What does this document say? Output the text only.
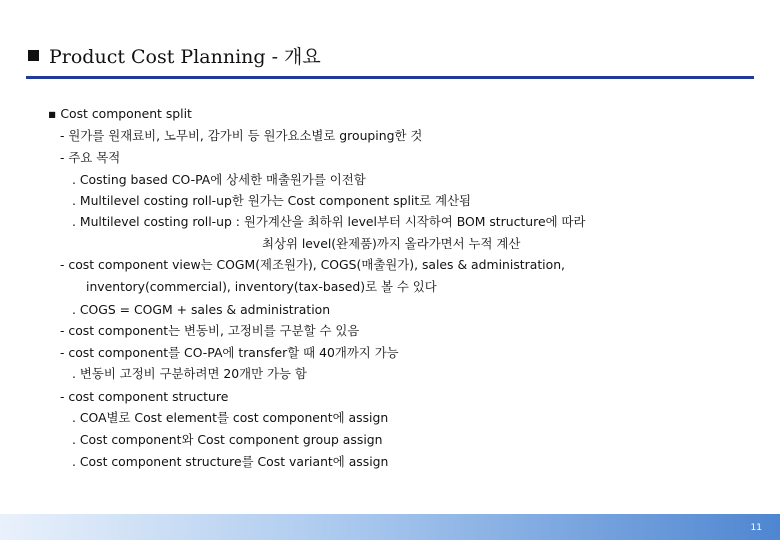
Product Cost Planning - 개요
▪ Cost component split
- 원가를 원재료비, 노무비, 감가비 등 원가요소별로 grouping한 것
- 주요 목적
. Costing based CO-PA에 상세한 매출원가를 이전함
. Multilevel costing roll-up한 원가는 Cost component split로 계산됨
. Multilevel costing roll-up : 원가계산을 최하위 level부터 시작하여 BOM structure에 따라
최상위 level(완제품)까지 올라가면서 누적 계산
- cost component view는 COGM(제조원가), COGS(매출원가), sales & administration,
inventory(commercial), inventory(tax-based)로 볼 수 있다
. COGS = COGM + sales & administration
- cost component는 변동비, 고정비를 구분할 수 있음
- cost component를 CO-PA에 transfer할 때 40개까지 가능
. 변동비 고정비 구분하려면 20개만 가능 함
- cost component structure
. COA별로 Cost element를 cost component에 assign
. Cost component와 Cost component group assign
. Cost component structure를 Cost variant에 assign
11
